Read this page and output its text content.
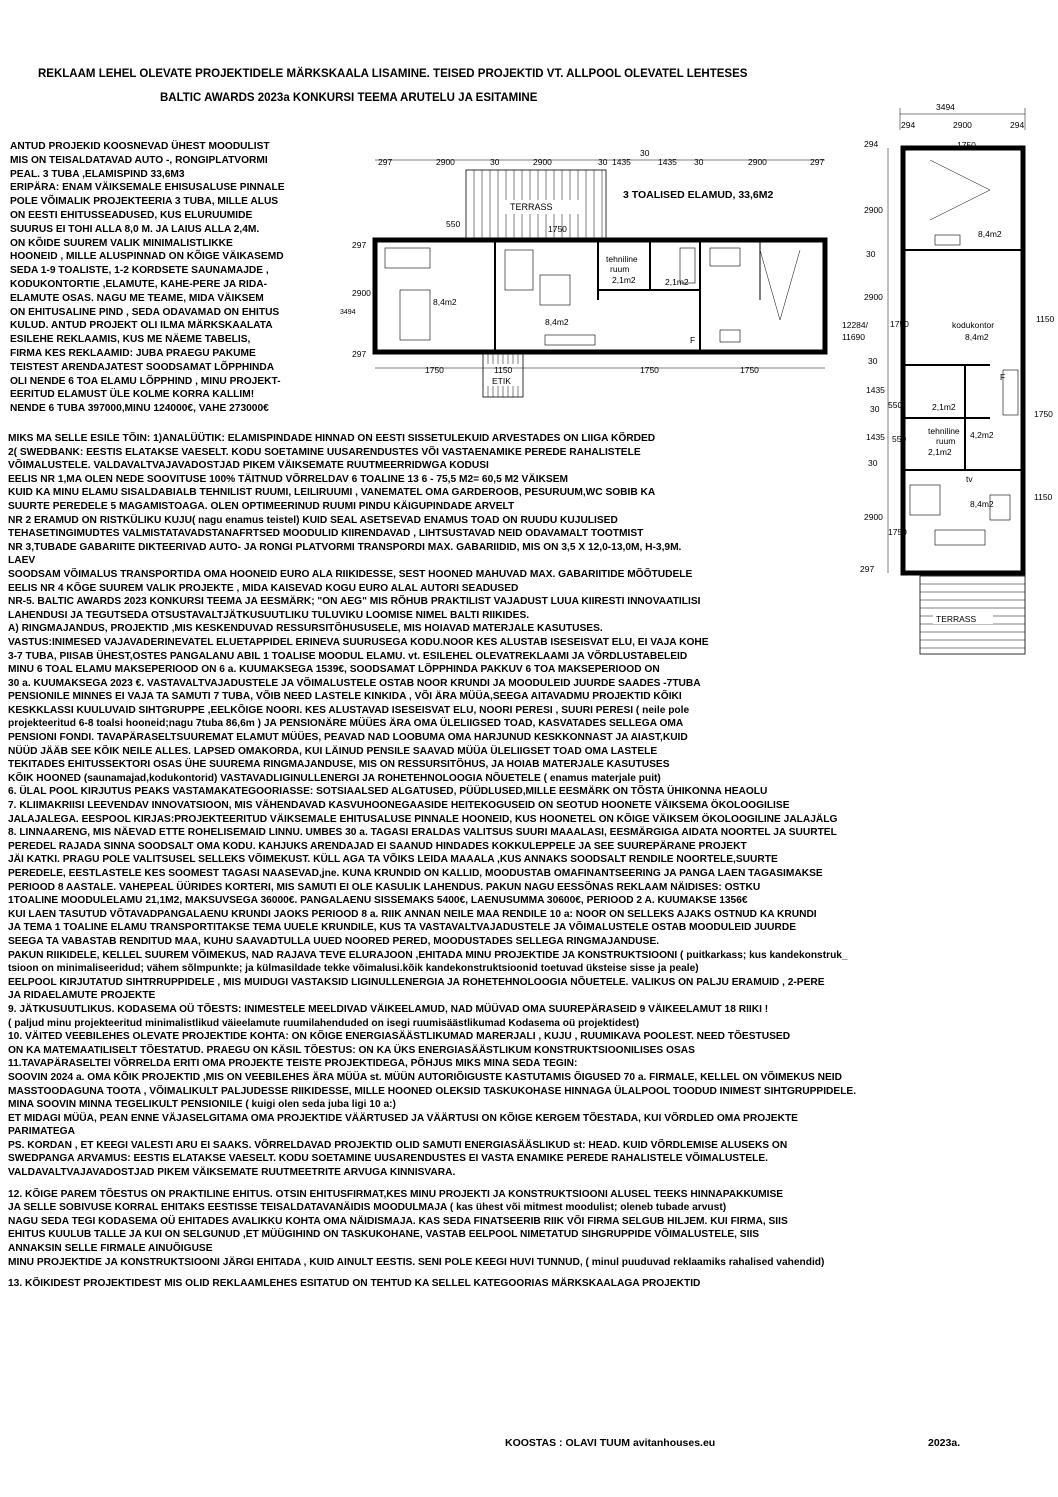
REKLAAM LEHEL OLEVATE PROJEKTIDELE MÄRKSKAALA LISAMINE. TEISED PROJEKTID VT. ALLPOOL OLEVATEL LEHTESES
BALTIC AWARDS 2023a KONKURSI TEEMA ARUTELU JA ESITAMINE
ANTUD PROJEKID KOOSNEVAD ÜHEST MOODULIST
MIS ON TEISALDATAVAD AUTO -, RONGIPLATVORMI
PEAL. 3 TUBA ,ELAMISPIND 33,6M3
ERIPÄRA: ENAM VÄIKSEMALE EHISUSALUSE PINNALE
POLE VÕIMALIK PROJEKTEERIA 3 TUBA, MILLE ALUS
ON EESTI EHITUSSEADUSED, KUS ELURUUMIDE
SUURUS EI TOHI ALLA 8,0 M. JA LAIUS ALLA 2,4M.
ON KÕIDE SUUREM VALIK MINIMALISTLIKKE
HOONEID , MILLE ALUSPINNAD ON KÕIGE VÄIKASEMD
SEDA 1-9 TOALISTE, 1-2 KORDSETE SAUNAMAJDE ,
KODUKONTORTIE ,ELAMUTE, KAHE-PERE JA RIDA-
ELAMUTE OSAS. NAGU ME TEAME, MIDA VÄIKSEM
ON EHITUSALINE PIND , SEDA ODAVAMAD ON EHITUS
KULUD. ANTUD PROJEKT OLI ILMA MÄRKSKAALATA
ESILEHE REKLAAMIS, KUS ME NÄEME TABELIS,
FIRMA KES REKLAAMID: JUBA PRAEGU PAKUME
TEISTEST ARENDAJATEST SOODSAMAT LÕPPHINDA
OLI NENDE 6 TOA ELAMU LÕPPHIND , MINU PROJEKT-
EERITUD ELAMUST ÜLE KOLME KORRA KALLIM!
NENDE 6 TUBA 397000,MINU 124000€, VAHE 273000€
297	2900	30	2900	30 1435
30
1435 30	2900	297
3 TOALISED ELAMUD, 33,6M2
TERRASS
550	1750
297
2900
3494
297
8,4m2
8,4m2
tehniline
ruum
2,1m2	2,1m2
F
1150
ETIK
1750	1750	1750
3494
294	2900	294
294	1750
2900
30
2900
12284/
11690
30
1435
30
1435
30
2900
297
550
550
1750
1750
1150
1750
1150
8,4m2
kodukontor
8,4m2
2,1m2
tehniline
ruum
2,1m2
4,2m2
tv
8,4m2
F
TERRASS
MIKS MA SELLE ESILE TÕIN: 1)ANALÜÜTIK: ELAMISPINDADE HINNAD ON EESTI SISSETULEKUID ARVESTADES ON LIIGA KÕRDED
2( SWEDBANK: EESTIS ELATAKSE VAESELT. KODU SOETAMINE UUSARENDUSTES VÕI VASTAENAMIKE PEREDE RAHALISTELE
VÕIMALUSTELE. VALDAVALTVAJAVADOSTJAD PIKEM VÄIKSEMATE RUUTMEERRIDWGA KODUSI
EELIS NR 1,MA OLEN NEDE SOOVITUSE 100% TÄITNUD VÕRRELDAV 6 TOALINE 13 6 - 75,5 M2= 60,5 M2 VÄIKSEM
KUID KA MINU ELAMU SISALDABIALB TEHNILIST RUUMI, LEILIRUUMI , VANEMATEL OMA GARDEROOB, PESURUUM,WC SOBIB KA
SUURTE PEREDELE 5 MAGAMISTOAGA. OLEN OPTIMEERINUD RUUMI PINDU KÄIGUPINDADE ARVELT
NR 2 ERAMUD ON RISTKÜLIKU KUJU( nagu enamus teistel) KUID SEAL ASETSEVAD ENAMUS TOAD ON RUUDU KUJULISED
TEHASETINGIMUDTES VALMISTATAVADSTANAFRTSED MOODULID KIIRENDAVAD , LIHTSUSTAVAD NEID ODAVAMALT TOOTMIST
NR 3,TUBADE GABARIITE DIKTEERIVAD AUTO- JA RONGI PLATVORMI TRANSPORDI MAX. GABARIIDID, MIS ON 3,5 X 12,0-13,0M, H-3,9M.
LAEV
SOODSAM VÕIMALUS TRANSPORTIDA OMA HOONEID EURO ALA RIIKIDESSE, SEST HOONED MAHUVAD MAX. GABARIITIDE MÕÕTUDELE
EELIS NR 4 KÕGE SUUREM VALIK PROJEKTE , MIDA KAISEVAD KOGU EURO ALAL AUTORI SEADUSED
NR-5. BALTIC AWARDS 2023 KONKURSI TEEMA JA EESMÄRK; "ON AEG" MIS RÕHUB PRAKTILIST VAJADUST LUUA KIIRESTI INNOVAATILISI
LAHENDUSI JA TEGUTSEDA OTSUSTAVALTJÄTKUSUUTLIKU TULUVIKU LOOMISE NIMEL BALTI RIIKIDES.
A) RINGMAJANDUS, PROJEKTID ,MIS KESKENDUVAD RESSURSITÕHUSUSELE, MIS HOIAVAD MATERJALE KASUTUSES.
VASTUS:INIMESED VAJAVADERINEVATEL ELUETAPPIDEL ERINEVA SUURUSEGA KODU.NOOR KES ALUSTAB ISESEISVAT ELU, EI VAJA KOHE
3-7 TUBA, PIISAB ÜHEST,OSTES PANGALANU ABIL 1 TOALISE MOODUL ELAMU. vt. ESILEHEL OLEVATREKLAAMI JA VÕRDLUSTABELEID
MINU 6 TOAL ELAMU MAKSEPERIOOD ON 6 a. KUUMAKSEGA 1539€, SOODSAMAT LÕPPHINDA PAKKUV 6 TOA MAKSEPERIOOD ON
30 a. KUUMAKSEGA 2023 €. VASTAVALTVAJADUSTELE JA VÕIMALUSTELE OSTAB NOOR KRUNDI JA MOODULEID JUURDE SAADES -7TUBA
PENSIONILE MINNES EI VAJA TA SAMUTI 7 TUBA, VÕIB NEED LASTELE KINKIDA , VÕI ÄRA MÜÜA,SEEGA AITAVADMU PROJEKTID KÕIKI
KESKKLASSI KUULUVAID SIHTGRUPPE ,EELKÕIGE NOORI. KES ALUSTAVAD ISESEISVAT ELU, NOORI PERESI , SUURI PERESI ( neile pole
projekteeritud 6-8 toalsi hooneid;nagu 7tuba 86,6m ) JA PENSIONÄRE MÜÜES ÄRA OMA ÜLELIIGSED TOAD, KASVATADES SELLEGA OMA
PENSIONI FONDI. TAVAPÄRASELTSUUREMAT ELAMUT MÜÜES, PEAVAD NAD LOOBUMA OMA HARJUNUD KESKKONNAST JA AIAST,KUID
NÜÜD JÄÄB SEE KÕIK NEILE ALLES. LAPSED OMAKORDA, KUI LÄINUD PENSILE SAAVAD MÜÜA ÜLELIIGSET TOAD OMA LASTELE
TEKITADES EHITUSSEKTORI OSAS ÜHE SUUREMA RINGMAJANDUSE, MIS ON RESSURSITÕHUS, JA HOIAB MATERJALE KASUTUSES
KÕIK HOONED (saunamajad,kodukontorid) VASTAVADLIGINULLENERGI JA ROHETEHNOLOOGIA NÕUETELE ( enamus materjale puit)
6. ÜLAL POOL KIRJUTUS PEAKS VASTAMAKATEGOORIASSE: SOTSIAALSED ALGATUSED, PÜÜDLUSED,MILLE EESMÄRK ON TÕSTA ÜHIKONNA HEAOLU
7. KLIIMAKRIISI LEEVENDAV INNOVATSIOON, MIS VÄHENDAVAD KASVUHOONEGAASIDE HEITEKOGUSEID ON SEOTUD HOONETE VÄIKSEMA ÖKOLOOGILISE
JALAJALEGA. EESPOOL KIRJAS:PROJEKTEERITUD VÄIKSEMALE EHITUSALUSE PINNALE HOONEID, KUS HOONETEL ON KÕIGE VÄIKSEM ÖKOLOOGILINE JALAJÄLG
8. LINNAARENG, MIS NÄEVAD ETTE ROHELISEMAID LINNU. UMBES 30 a. TAGASI ERALDAS VALITSUS SUURI MAAALASI, EESMÄRGIGA AIDATA NOORTEL JA SUURTEL
PEREDEL RAJADA SINNA SOODSALT OMA KODU. KAHJUKS ARENDAJAD EI SAANUD HINDADES KOKKULEPPELE JA SEE SUUREPÄRANE PROJEKT
JÄI KATKI. PRAGU POLE VALITSUSEL SELLEKS VÕIMEKUST. KÜLL AGA TA VÕIKS LEIDA MAAALA ,KUS ANNAKS SOODSALT RENDILE NOORTELE,SUURTE
PEREDELE, EESTLASTELE KES SOOMEST TAGASI NAASEVAD,jne. KUNA KRUNDID ON KALLID, MOODUSTAB OMAFINANTSEERING JA PANGA LAEN TAGASIMAKSE
PERIOOD 8 AASTALE. VAHEPEAL ÜÜRIDES KORTERI, MIS SAMUTI EI OLE KASULIK LAHENDUS. PAKUN NAGU EESSÕNAS REKLAAM NÄIDISES: OSTKU
1TOALINE MOODULELAMU 21,1M2, MAKSUVSEGA 36000€. PANGALAENU SISSEMAKS 5400€, LAENUSUMMA 30600€, PERIOOD 2 A. KUUMAKSE 1356€
KUI LAEN TASUTUD VÕTAVADPANGALAENU KRUNDI JAOKS PERIOOD 8 a. RIIK ANNAN NEILE MAA RENDILE 10 a: NOOR ON SELLEKS AJAKS OSTNUD KA KRUNDI
JA TEMA 1 TOALINE ELAMU TRANSPORTITAKSE TEMA UUELE KRUNDILE, KUS TA VASTAVALTVAJADUSTELE JA VÕIMALUSTELE OSTAB MOODULEID JUURDE
SEEGA TA VABASTAB RENDITUD MAA, KUHU SAAVADTULLA UUED NOORED PERED, MOODUSTADES SELLEGA RINGMAJANDUSE.
PAKUN RIIKIDELE, KELLEL SUUREM VÕIMEKUS, NAD RAJAVA TEVE ELURAJOON ,EHITADA MINU PROJEKTIDE JA KONSTRUKTSIOONI ( puitkarkass; kus kandekonstruk_
tsioon on minimaliseeridud; vähem sõlmpunkte; ja külmasildade tekke võimalusi.kõik kandekonstruktsioonid toetuvad üksteise sisse ja peale)
EELPOOL KIRJUTATUD SIHTRRUPPIDELE , MIS MUIDUGI VASTAKSID LIGINULLENERGIA JA ROHETEHNOLOOGIA NÕUETELE. VALIKUS ON PALJU ERAMUID , 2-PERE
JA RIDAELAMUTE PROJEKTE
9. JÄTKUSUUTLIKUS. KODASEMA OÜ TÕESTS: INIMESTELE MEELDIVAD VÄIKEELAMUD, NAD MÜÜVAD OMA SUUREPÄRASEID 9 VÄIKEELAMUT 18 RIIKI !
( paljud minu projekteeritud minimalistlikud väieelamute ruumilahenduded on isegi ruumisäästlikumad Kodasema oü projektidest)
10. VÄITED VEEBILEHES OLEVATE PROJEKTIDE KOHTA: ON KÕIGE ENERGIASÄÄSTLIKUMAD MARERJALI , KUJU , RUUMIKAVA POOLEST. NEED TÕESTUSED
ON KA MATEMAATILISELT TÕESTATUD. PRAEGU ON KÄSIL TÕESTUS: ON KA ÜKS ENERGIASÄÄSTLIKUM KONSTRUKTSIOONILISES OSAS
11.TAVAPÄRASELTEI VÕRRELDA ERITI OMA PROJEKTE TEISTE PROJEKTIDEGA, PÕHJUS MIKS MINA SEDA TEGIN:
SOOVIN 2024 a. OMA KÕIK PROJEKTID ,MIS ON VEEBILEHES ÄRA MÜÜA st. MÜÜN AUTORIÕIGUSTE KASTUTAMIS ÕIGUSED 70 a. FIRMALE, KELLEL ON VÕIMEKUS NEID
MASSTOODAGUNA TOOTA , VÕIMALIKULT PALJUDESSE RIIKIDESSE, MILLE HOONED OLEKSID TASKUKOHASE HINNAGA ÜLALPOOL TOODUD INIMEST SIHTGRUPPIDELE.
MINA SOOVIN MINNA TEGELIKULT PENSIONILE ( kuigi olen seda juba ligi 10 a:)
ET MIDAGI MÜÜA, PEAN ENNE VÄJASELGITAMA OMA PROJEKTIDE VÄÄRTUSED JA VÄÄRTUSI ON KÕIGE KERGEM TÕESTADA, KUI VÕRDLED OMA PROJEKTE
PARIMATEGA
PS. KORDAN , ET KEEGI VALESTI ARU EI SAAKS. VÕRRELDAVAD PROJEKTID OLID SAMUTI ENERGIASÄÄSLIKUD st: HEAD. KUID VÕRDLEMISE ALUSEKS ON
SWEDPANGA ARVAMUS: EESTIS ELATAKSE VAESELT. KODU SOETAMINE UUSARENDUSTES EI VASTA ENAMIKE PEREDE RAHALISTELE VÕIMALUSTELE.
VALDAVALTVAJAVADOSTJAD PIKEM VÄIKSEMATE RUUTMEETRITE ARVUGA KINNISVARA.
12. KÕIGE PAREM TÕESTUS ON PRAKTILINE EHITUS. OTSIN EHITUSFIRMAT,KES MINU PROJEKTI JA KONSTRUKTSIOONI ALUSEL TEEKS HINNAPAKKUMISE
JA SELLE SOBIVUSE KORRAL EHITAKS EESTISSE TEISALDATAVANÄIDIS MOODULMAJA ( kas ühest või mitmest moodulist; oleneb tubade arvust)
NAGU SEDA TEGI KODASEMA OÜ EHITADES AVALIKKU KOHTA OMA NÄIDISMAJA. KAS SEDA FINATSEERIB RIIK VÕI FIRMA SELGUB HILJEM. KUI FIRMA, SIIS
EHITUS KUULUB TALLE JA KUI ON SELGUNUD ,ET MÜÜGIHIND ON TASKUKOHANE, VASTAB EELPOOL NIMETATUD SIHGRUPPIDE VÕIMALUSTELE, SIIS
ANNAKSIN SELLE FIRMALE AINUÕIGUSE
MINU PROJEKTIDE JA KONSTRUKTSIOONI JÄRGI EHITADA , KUID AINULT EESTIS. SENI POLE KEEGI HUVI TUNNUD, ( minul puuduvad reklaamiks rahalised vahendid)
13. KÕIKIDEST PROJEKTIDEST MIS OLID REKLAAMLEHES ESITATUD ON TEHTUD KA SELLEL KATEGOORIAS MÄRKSKAALAGA PROJEKTID
KOOSTAS : OLAVI TUUM avitanhouses.eu	2023a.
